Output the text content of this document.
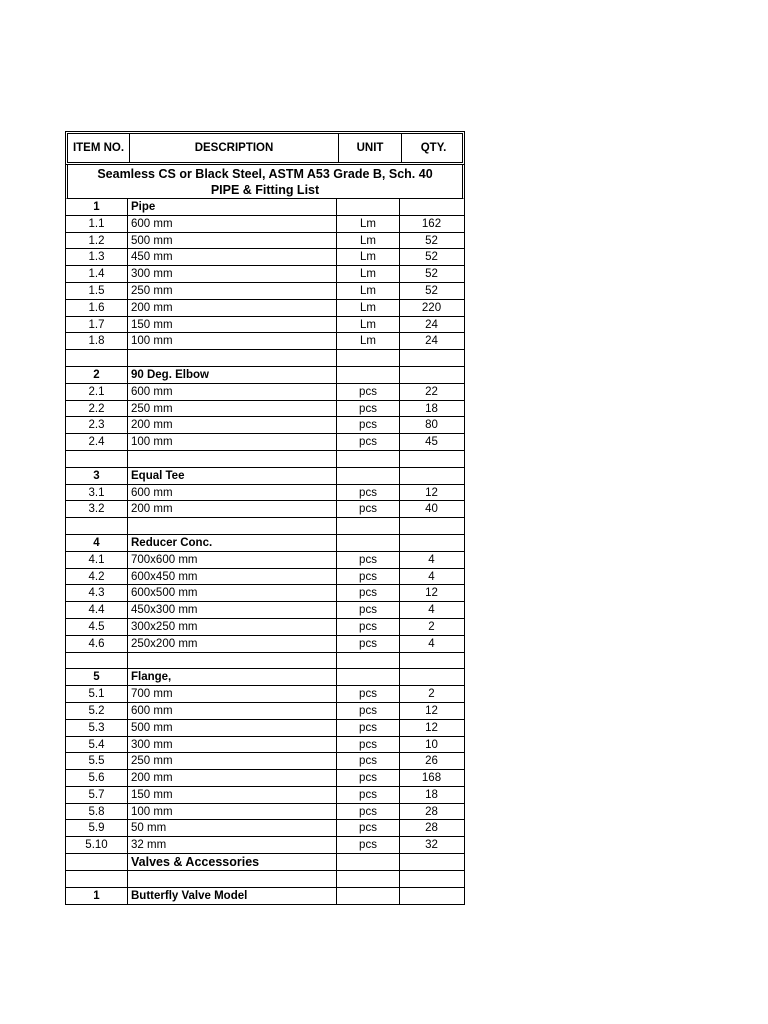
ITEM NO.	DESCRIPTION	UNIT	QTY.
Seamless CS or Black Steel, ASTM A53 Grade B, Sch. 40
PIPE & Fitting List
1	Pipe
1.1	600 mm	Lm	162
1.2	500 mm	Lm	52
1.3	450 mm	Lm	52
1.4	300 mm	Lm	52
1.5	250 mm	Lm	52
1.6	200 mm	Lm	220
1.7	150 mm	Lm	24
1.8	100 mm	Lm	24
2	90 Deg. Elbow
2.1	600 mm	pcs	22
2.2	250 mm	pcs	18
2.3	200 mm	pcs	80
2.4	100 mm	pcs	45
3	Equal Tee
3.1	600 mm	pcs	12
3.2	200 mm	pcs	40
4	Reducer Conc.
4.1	700x600 mm	pcs	4
4.2	600x450 mm	pcs	4
4.3	600x500 mm	pcs	12
4.4	450x300 mm	pcs	4
4.5	300x250 mm	pcs	2
4.6	250x200 mm	pcs	4
5	Flange,
5.1	700 mm	pcs	2
5.2	600 mm	pcs	12
5.3	500 mm	pcs	12
5.4	300 mm	pcs	10
5.5	250 mm	pcs	26
5.6	200 mm	pcs	168
5.7	150 mm	pcs	18
5.8	100 mm	pcs	28
5.9	50 mm	pcs	28
5.10	32 mm	pcs	32
Valves & Accessories
1	Butterfly Valve Model
